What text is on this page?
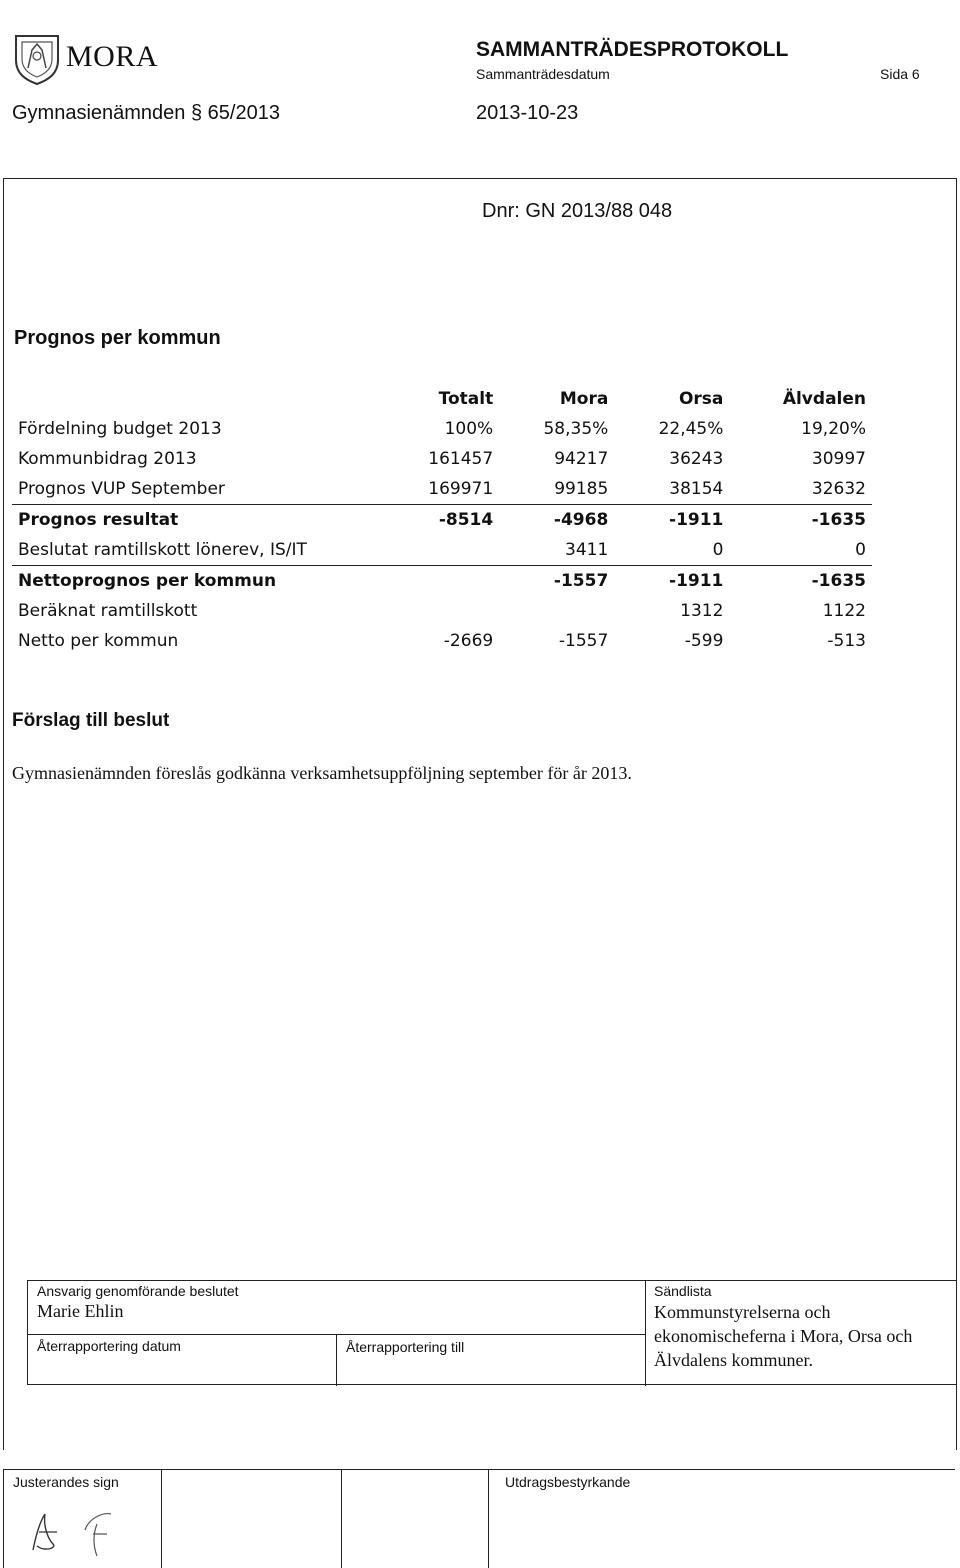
MORA	SAMMANTRÄDESPROTOKOLL
Sammanträdesdatum	Sida 6
Gymnasienämnden § 65/2013	2013-10-23
Dnr: GN 2013/88 048
Prognos per kommun
	Totalt	Mora	Orsa	Älvdalen
Fördelning budget 2013	100%	58,35%	22,45%	19,20%
Kommunbidrag 2013	161457	94217	36243	30997
Prognos VUP September	169971	99185	38154	32632
Prognos resultat	-8514	-4968	-1911	-1635
Beslutat ramtillskott lönerev, IS/IT		3411	0	0
Nettoprognos per kommun		-1557	-1911	-1635
Beräknat ramtillskott			1312	1122
Netto per kommun	-2669	-1557	-599	-513
Förslag till beslut
Gymnasienämnden föreslås godkänna verksamhetsuppföljning september för år 2013.
Ansvarig genomförande beslutet
Marie Ehlin
Återrapportering datum	Återrapportering till
Sändlista
Kommunstyrelserna och
ekonomischeferna i Mora, Orsa och
Älvdalens kommuner.
Justerandes sign	Utdragsbestyrkande
